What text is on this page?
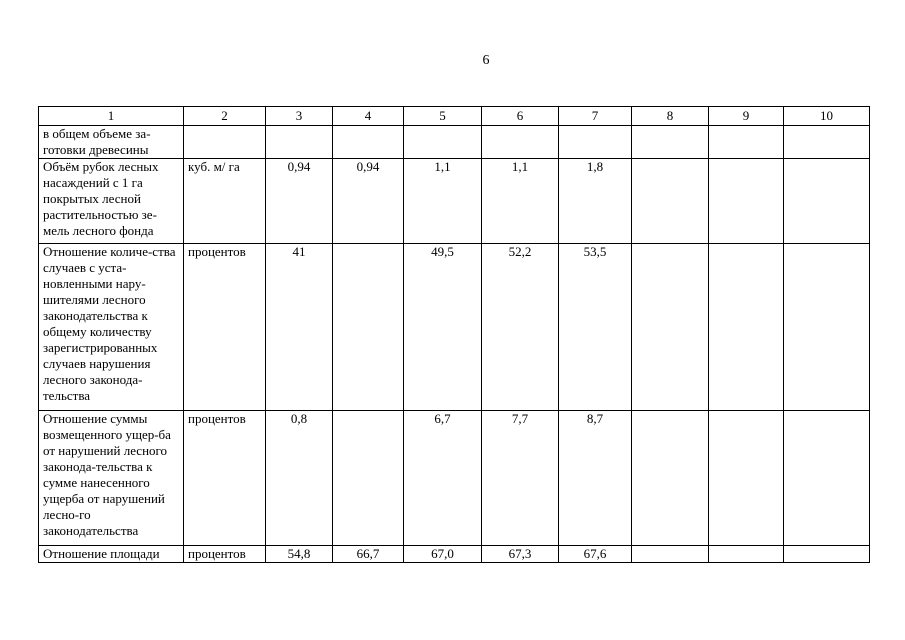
6
1	2	3	4	5	6	7	8	9	10
в общем объеме за-
готовки древесины									
Объём рубок лесных насаждений с 1 га покрытых лесной растительностью зе-мель лесного фонда	куб. м/ га	0,94	0,94	1,1	1,1	1,8			
Отношение количе-ства случаев с уста-новленными нару-шителями лесного законодательства к общему количеству зарегистрированных случаев нарушения лесного законода-тельства	процентов	41		49,5	52,2	53,5			
Отношение суммы возмещенного ущер-ба от нарушений лесного законода-тельства к сумме нанесенного ущерба от нарушений лесно-го законодательства	процентов	0,8		6,7	7,7	8,7			
Отношение площади	процентов	54,8	66,7	67,0	67,3	67,6			
